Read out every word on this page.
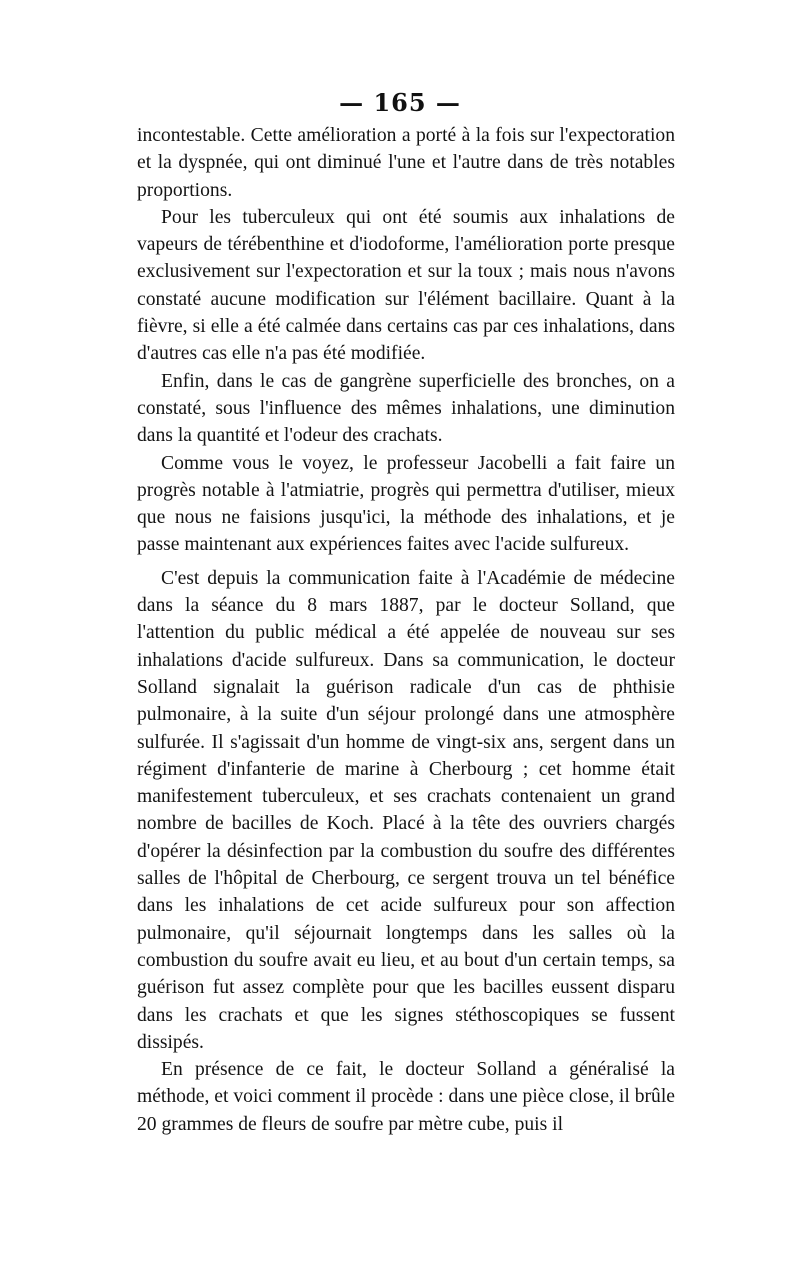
— 165 —

incontestable. Cette amélioration a porté à la fois sur l'expectoration et la dyspnée, qui ont diminué l'une et l'autre dans de très notables proportions.

Pour les tuberculeux qui ont été soumis aux inhalations de vapeurs de térébenthine et d'iodoforme, l'amélioration porte presque exclusivement sur l'expectoration et sur la toux ; mais nous n'avons constaté aucune modification sur l'élément bacillaire. Quant à la fièvre, si elle a été calmée dans certains cas par ces inhalations, dans d'autres cas elle n'a pas été modifiée.

Enfin, dans le cas de gangrène superficielle des bronches, on a constaté, sous l'influence des mêmes inhalations, une diminution dans la quantité et l'odeur des crachats.

Comme vous le voyez, le professeur Jacobelli a fait faire un progrès notable à l'atmiatrie, progrès qui permettra d'utiliser, mieux que nous ne faisions jusqu'ici, la méthode des inhalations, et je passe maintenant aux expériences faites avec l'acide sulfureux.

C'est depuis la communication faite à l'Académie de médecine dans la séance du 8 mars 1887, par le docteur Solland, que l'attention du public médical a été appelée de nouveau sur ses inhalations d'acide sulfureux. Dans sa communication, le docteur Solland signalait la guérison radicale d'un cas de phthisie pulmonaire, à la suite d'un séjour prolongé dans une atmosphère sulfurée. Il s'agissait d'un homme de vingt-six ans, sergent dans un régiment d'infanterie de marine à Cherbourg ; cet homme était manifestement tuberculeux, et ses crachats contenaient un grand nombre de bacilles de Koch. Placé à la tête des ouvriers chargés d'opérer la désinfection par la combustion du soufre des différentes salles de l'hôpital de Cherbourg, ce sergent trouva un tel bénéfice dans les inhalations de cet acide sulfureux pour son affection pulmonaire, qu'il séjournait longtemps dans les salles où la combustion du soufre avait eu lieu, et au bout d'un certain temps, sa guérison fut assez complète pour que les bacilles eussent disparu dans les crachats et que les signes stéthoscopiques se fussent dissipés.

En présence de ce fait, le docteur Solland a généralisé la méthode, et voici comment il procède : dans une pièce close, il brûle 20 grammes de fleurs de soufre par mètre cube, puis il
